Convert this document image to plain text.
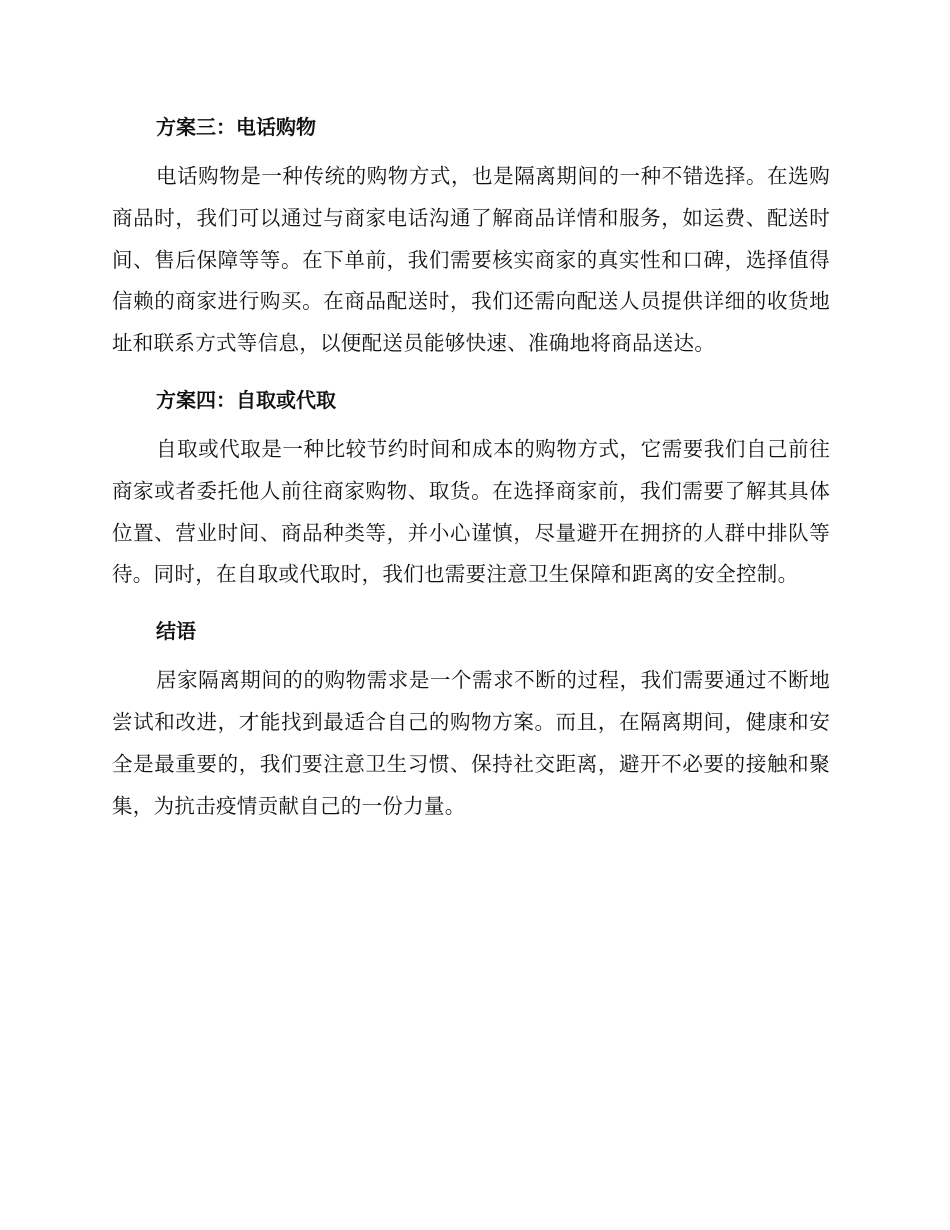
方案三：电话购物

电话购物是一种传统的购物方式，也是隔离期间的一种不错选择。在选购商品时，我们可以通过与商家电话沟通了解商品详情和服务，如运费、配送时间、售后保障等等。在下单前，我们需要核实商家的真实性和口碑，选择值得信赖的商家进行购买。在商品配送时，我们还需向配送人员提供详细的收货地址和联系方式等信息，以便配送员能够快速、准确地将商品送达。

方案四：自取或代取

自取或代取是一种比较节约时间和成本的购物方式，它需要我们自己前往商家或者委托他人前往商家购物、取货。在选择商家前，我们需要了解其具体位置、营业时间、商品种类等，并小心谨慎，尽量避开在拥挤的人群中排队等待。同时，在自取或代取时，我们也需要注意卫生保障和距离的安全控制。

结语

居家隔离期间的的购物需求是一个需求不断的过程，我们需要通过不断地尝试和改进，才能找到最适合自己的购物方案。而且，在隔离期间，健康和安全是最重要的，我们要注意卫生习惯、保持社交距离，避开不必要的接触和聚集，为抗击疫情贡献自己的一份力量。
